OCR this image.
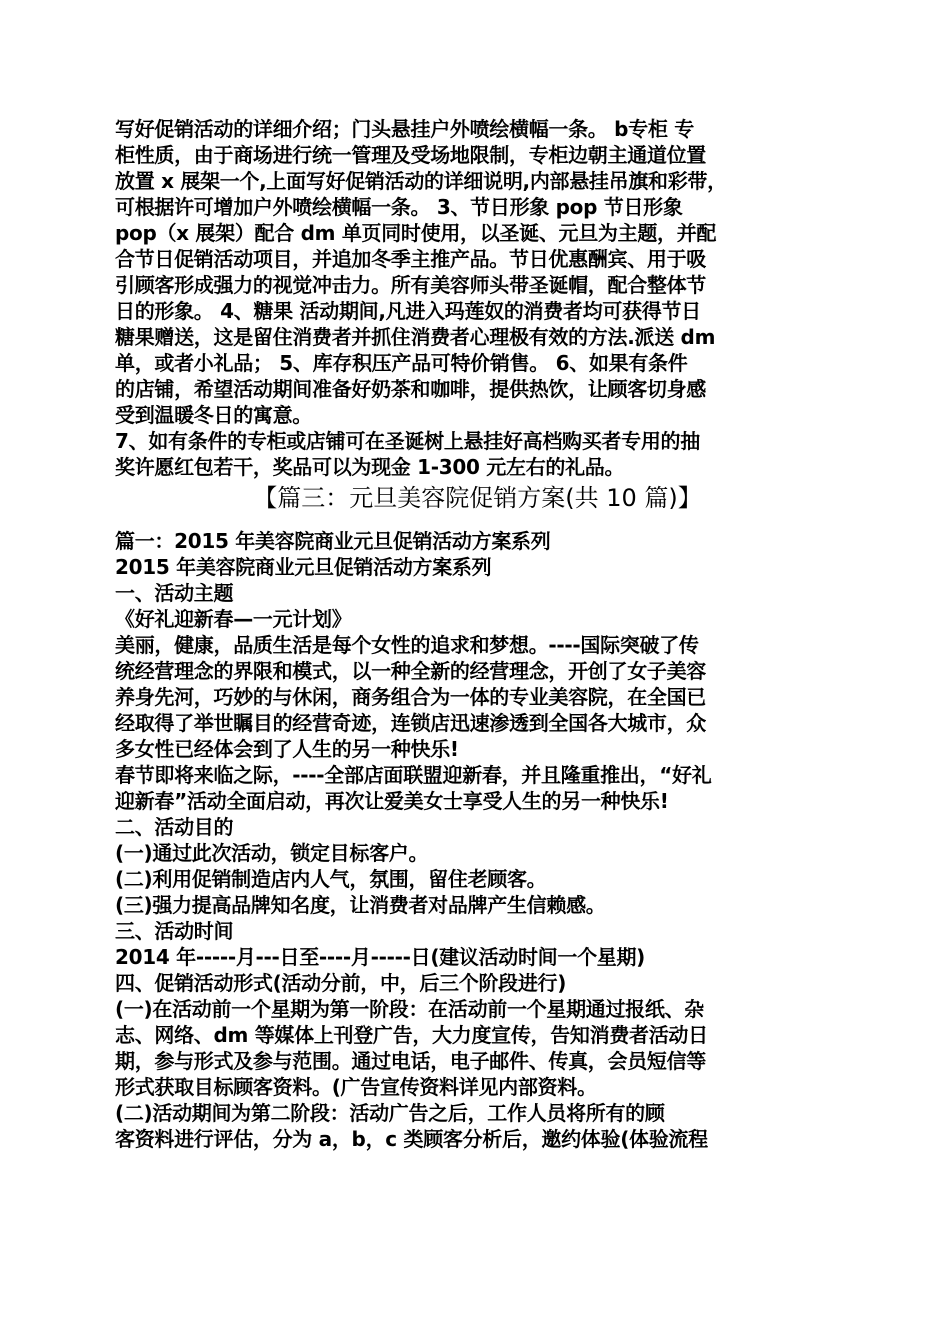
写好促销活动的详细介绍；门头悬挂户外喷绘横幅一条。 b专柜 专
柜性质，由于商场进行统一管理及受场地限制，专柜边朝主通道位置
放置 x 展架一个,上面写好促销活动的详细说明,内部悬挂吊旗和彩带，
可根据许可增加户外喷绘横幅一条。 3、节日形象 pop 节日形象
pop（x 展架）配合 dm 单页同时使用，以圣诞、元旦为主题，并配
合节日促销活动项目，并追加冬季主推产品。节日优惠酬宾、用于吸
引顾客形成强力的视觉冲击力。所有美容师头带圣诞帽，配合整体节
日的形象。 4、糖果 活动期间,凡进入玛莲奴的消费者均可获得节日
糖果赠送，这是留住消费者并抓住消费者心理极有效的方法.派送 dm
单，或者小礼品； 5、库存积压产品可特价销售。 6、如果有条件
的店铺，希望活动期间准备好奶茶和咖啡，提供热饮，让顾客切身感
受到温暖冬日的寓意。
7、如有条件的专柜或店铺可在圣诞树上悬挂好高档购买者专用的抽
奖许愿红包若干，奖品可以为现金 1-300 元左右的礼品。
【篇三：元旦美容院促销方案(共 10 篇)】
篇一：2015 年美容院商业元旦促销活动方案系列
2015 年美容院商业元旦促销活动方案系列
一、活动主题
《好礼迎新春—一元计划》
美丽，健康，品质生活是每个女性的追求和梦想。----国际突破了传
统经营理念的界限和模式，以一种全新的经营理念，开创了女子美容
养身先河，巧妙的与休闲，商务组合为一体的专业美容院，在全国已
经取得了举世瞩目的经营奇迹，连锁店迅速渗透到全国各大城市，众
多女性已经体会到了人生的另一种快乐!
春节即将来临之际，----全部店面联盟迎新春，并且隆重推出，“好礼
迎新春”活动全面启动，再次让爱美女士享受人生的另一种快乐!
二、活动目的
(一)通过此次活动，锁定目标客户。
(二)利用促销制造店内人气，氛围，留住老顾客。
(三)强力提高品牌知名度，让消费者对品牌产生信赖感。
三、活动时间
2014 年-----月---日至----月-----日(建议活动时间一个星期)
四、促销活动形式(活动分前，中，后三个阶段进行)
(一)在活动前一个星期为第一阶段：在活动前一个星期通过报纸、杂
志、网络、dm 等媒体上刊登广告，大力度宣传，告知消费者活动日
期，参与形式及参与范围。通过电话，电子邮件、传真，会员短信等
形式获取目标顾客资料。(广告宣传资料详见内部资料。
(二)活动期间为第二阶段：活动广告之后，工作人员将所有的顾
客资料进行评估，分为 a，b，c 类顾客分析后，邀约体验(体验流程
